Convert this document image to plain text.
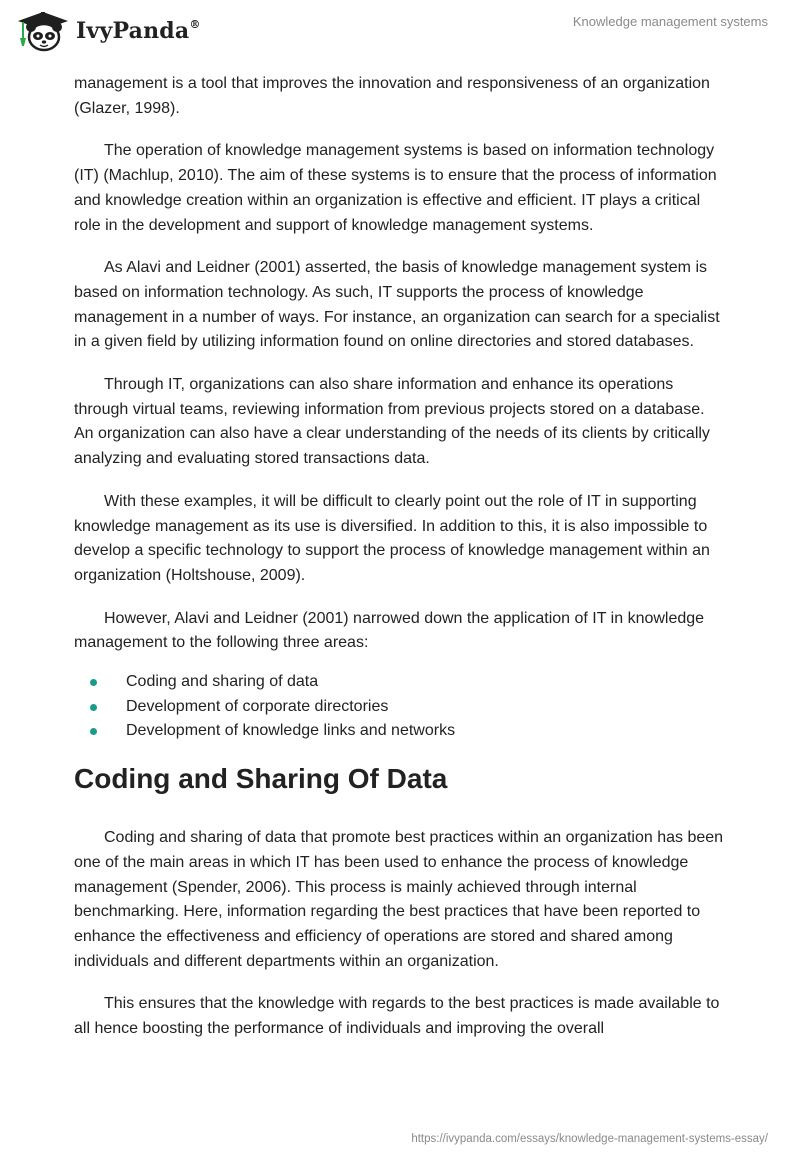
IvyPanda®	Knowledge management systems

management is a tool that improves the innovation and responsiveness of an organization (Glazer, 1998).

The operation of knowledge management systems is based on information technology (IT) (Machlup, 2010). The aim of these systems is to ensure that the process of information and knowledge creation within an organization is effective and efficient. IT plays a critical role in the development and support of knowledge management systems.

As Alavi and Leidner (2001) asserted, the basis of knowledge management system is based on information technology. As such, IT supports the process of knowledge management in a number of ways. For instance, an organization can search for a specialist in a given field by utilizing information found on online directories and stored databases.

Through IT, organizations can also share information and enhance its operations through virtual teams, reviewing information from previous projects stored on a database. An organization can also have a clear understanding of the needs of its clients by critically analyzing and evaluating stored transactions data.

With these examples, it will be difficult to clearly point out the role of IT in supporting knowledge management as its use is diversified. In addition to this, it is also impossible to develop a specific technology to support the process of knowledge management within an organization (Holtshouse, 2009).

However, Alavi and Leidner (2001) narrowed down the application of IT in knowledge management to the following three areas:

Coding and sharing of data
Development of corporate directories
Development of knowledge links and networks
Coding and Sharing Of Data

Coding and sharing of data that promote best practices within an organization has been one of the main areas in which IT has been used to enhance the process of knowledge management (Spender, 2006). This process is mainly achieved through internal benchmarking. Here, information regarding the best practices that have been reported to enhance the effectiveness and efficiency of operations are stored and shared among individuals and different departments within an organization.

This ensures that the knowledge with regards to the best practices is made available to all hence boosting the performance of individuals and improving the overall

https://ivypanda.com/essays/knowledge-management-systems-essay/
